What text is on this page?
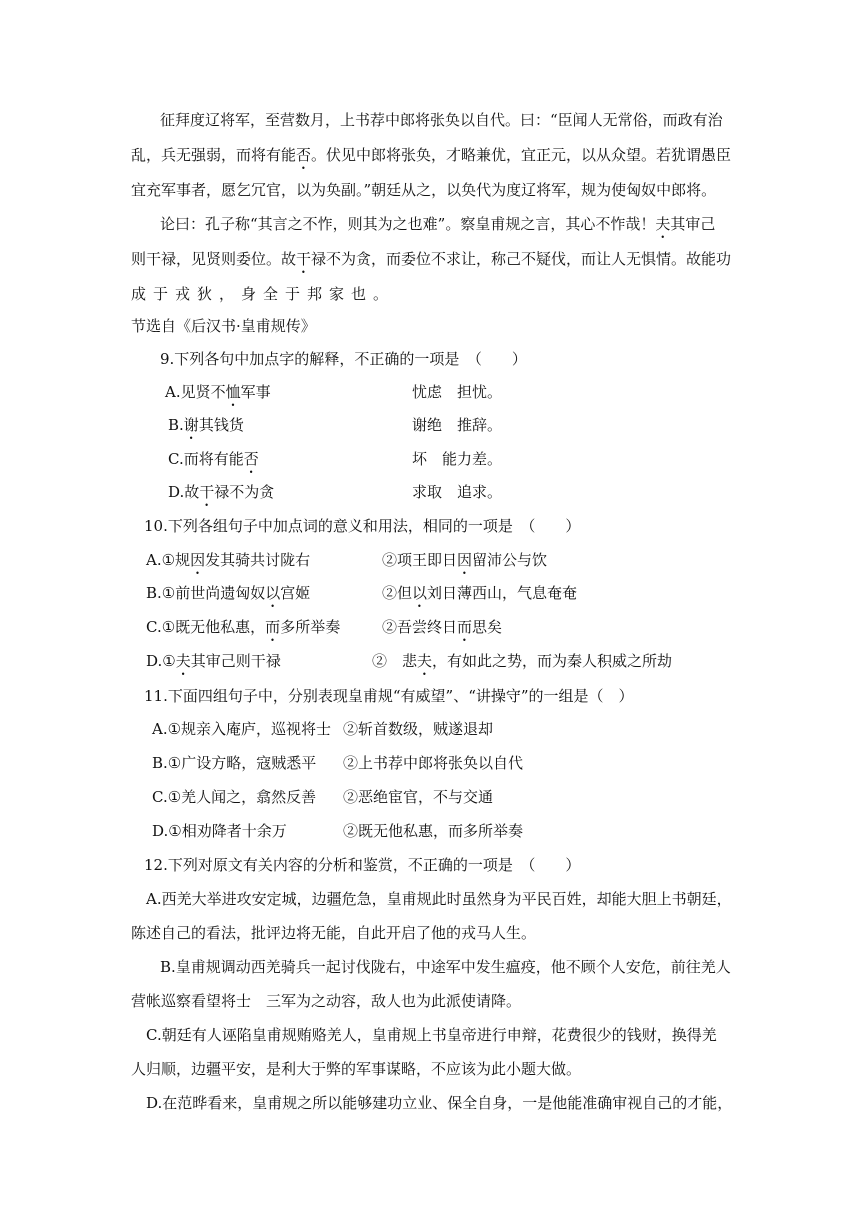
征拜度辽将军，至营数月，上书荐中郎将张奂以自代。曰：“臣闻人无常俗，而政有治
乱，兵无强弱，而将有能否。伏见中郎将张奂，才略兼优，宜正元，以从众望。若犹谓愚臣
宜充军事者，愿乞冗官，以为奂副。”朝廷从之，以奂代为度辽将军，规为使匈奴中郎将。
论曰：孔子称“其言之不怍，则其为之也难”。察皇甫规之言，其心不怍哉！夫其审己
则干禄，见贤则委位。故干禄不为贪，而委位不求让，称己不疑伐，而让人无惧情。故能功
成于戎狄，身全于邦家也。
节选自《后汉书·皇甫规传》
9.下列各句中加点字的解释，不正确的一项是　（　　）
A.见贤不恤军事	忧虑　担忧。
B.谢其钱货	谢绝　推辞。
C.而将有能否	坏　能力差。
D.故干禄不为贪	求取　追求。
10.下列各组句子中加点词的意义和用法，相同的一项是　（　　）
A.①规因发其骑共讨陇右	②项王即日因留沛公与饮
B.①前世尚遗匈奴以宫姬	②但以刘日薄西山，气息奄奄
C.①既无他私惠，而多所举奏	②吾尝终日而思矣
D.①夫其审己则干禄	②　悲夫，有如此之势，而为秦人积威之所劫
11.下面四组句子中，分别表现皇甫规“有威望”、“讲操守”的一组是（　）
A.①规亲入庵庐，巡视将士 ②斩首数级，贼遂退却
B.①广设方略，寇贼悉平 ②上书荐中郎将张奂以自代
C.①羌人闻之，翕然反善 ②恶绝宦官，不与交通
D.①相劝降者十余万	②既无他私惠，而多所举奏
12.下列对原文有关内容的分析和鉴赏，不正确的一项是　（　　）
A.西羌大举进攻安定城，边疆危急，皇甫规此时虽然身为平民百姓，却能大胆上书朝廷，
陈述自己的看法，批评边将无能，自此开启了他的戎马人生。
B.皇甫规调动西羌骑兵一起讨伐陇右，中途军中发生瘟疫，他不顾个人安危，前往羌人
营帐巡察看望将士　三军为之动容，敌人也为此派使请降。
C.朝廷有人诬陷皇甫规贿赂羌人，皇甫规上书皇帝进行申辩，花费很少的钱财，换得羌
人归顺，边疆平安，是利大于弊的军事谋略，不应该为此小题大做。
D.在范晔看来，皇甫规之所以能够建功立业、保全自身，一是他能准确审视自己的才能，
